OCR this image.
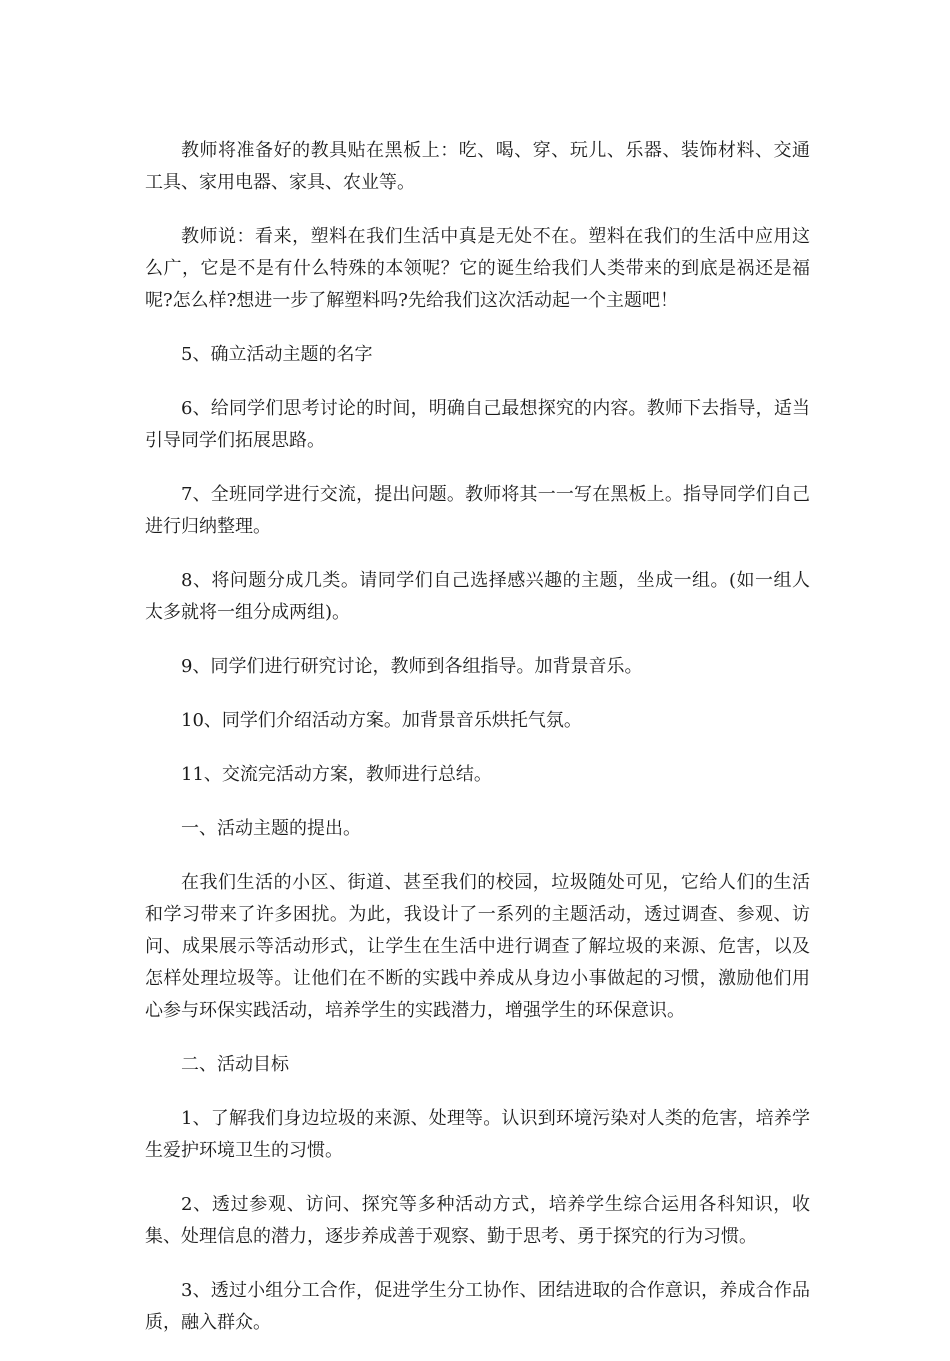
教师将准备好的教具贴在黑板上：吃、喝、穿、玩儿、乐器、装饰材料、交通工具、家用电器、家具、农业等。

教师说：看来，塑料在我们生活中真是无处不在。塑料在我们的生活中应用这么广，它是不是有什么特殊的本领呢？它的诞生给我们人类带来的到底是祸还是福呢?怎么样?想进一步了解塑料吗?先给我们这次活动起一个主题吧！

5、确立活动主题的名字

6、给同学们思考讨论的时间，明确自己最想探究的内容。教师下去指导，适当引导同学们拓展思路。

7、全班同学进行交流，提出问题。教师将其一一写在黑板上。指导同学们自己进行归纳整理。

8、将问题分成几类。请同学们自己选择感兴趣的主题，坐成一组。(如一组人太多就将一组分成两组)。

9、同学们进行研究讨论，教师到各组指导。加背景音乐。

10、同学们介绍活动方案。加背景音乐烘托气氛。

11、交流完活动方案，教师进行总结。

一、活动主题的提出。

在我们生活的小区、街道、甚至我们的校园，垃圾随处可见，它给人们的生活和学习带来了许多困扰。为此，我设计了一系列的主题活动，透过调查、参观、访问、成果展示等活动形式，让学生在生活中进行调查了解垃圾的来源、危害，以及怎样处理垃圾等。让他们在不断的实践中养成从身边小事做起的习惯，激励他们用心参与环保实践活动，培养学生的实践潜力，增强学生的环保意识。

二、活动目标

1、了解我们身边垃圾的来源、处理等。认识到环境污染对人类的危害，培养学生爱护环境卫生的习惯。

2、透过参观、访问、探究等多种活动方式，培养学生综合运用各科知识，收集、处理信息的潜力，逐步养成善于观察、勤于思考、勇于探究的行为习惯。

3、透过小组分工合作，促进学生分工协作、团结进取的合作意识，养成合作品质，融入群众。
